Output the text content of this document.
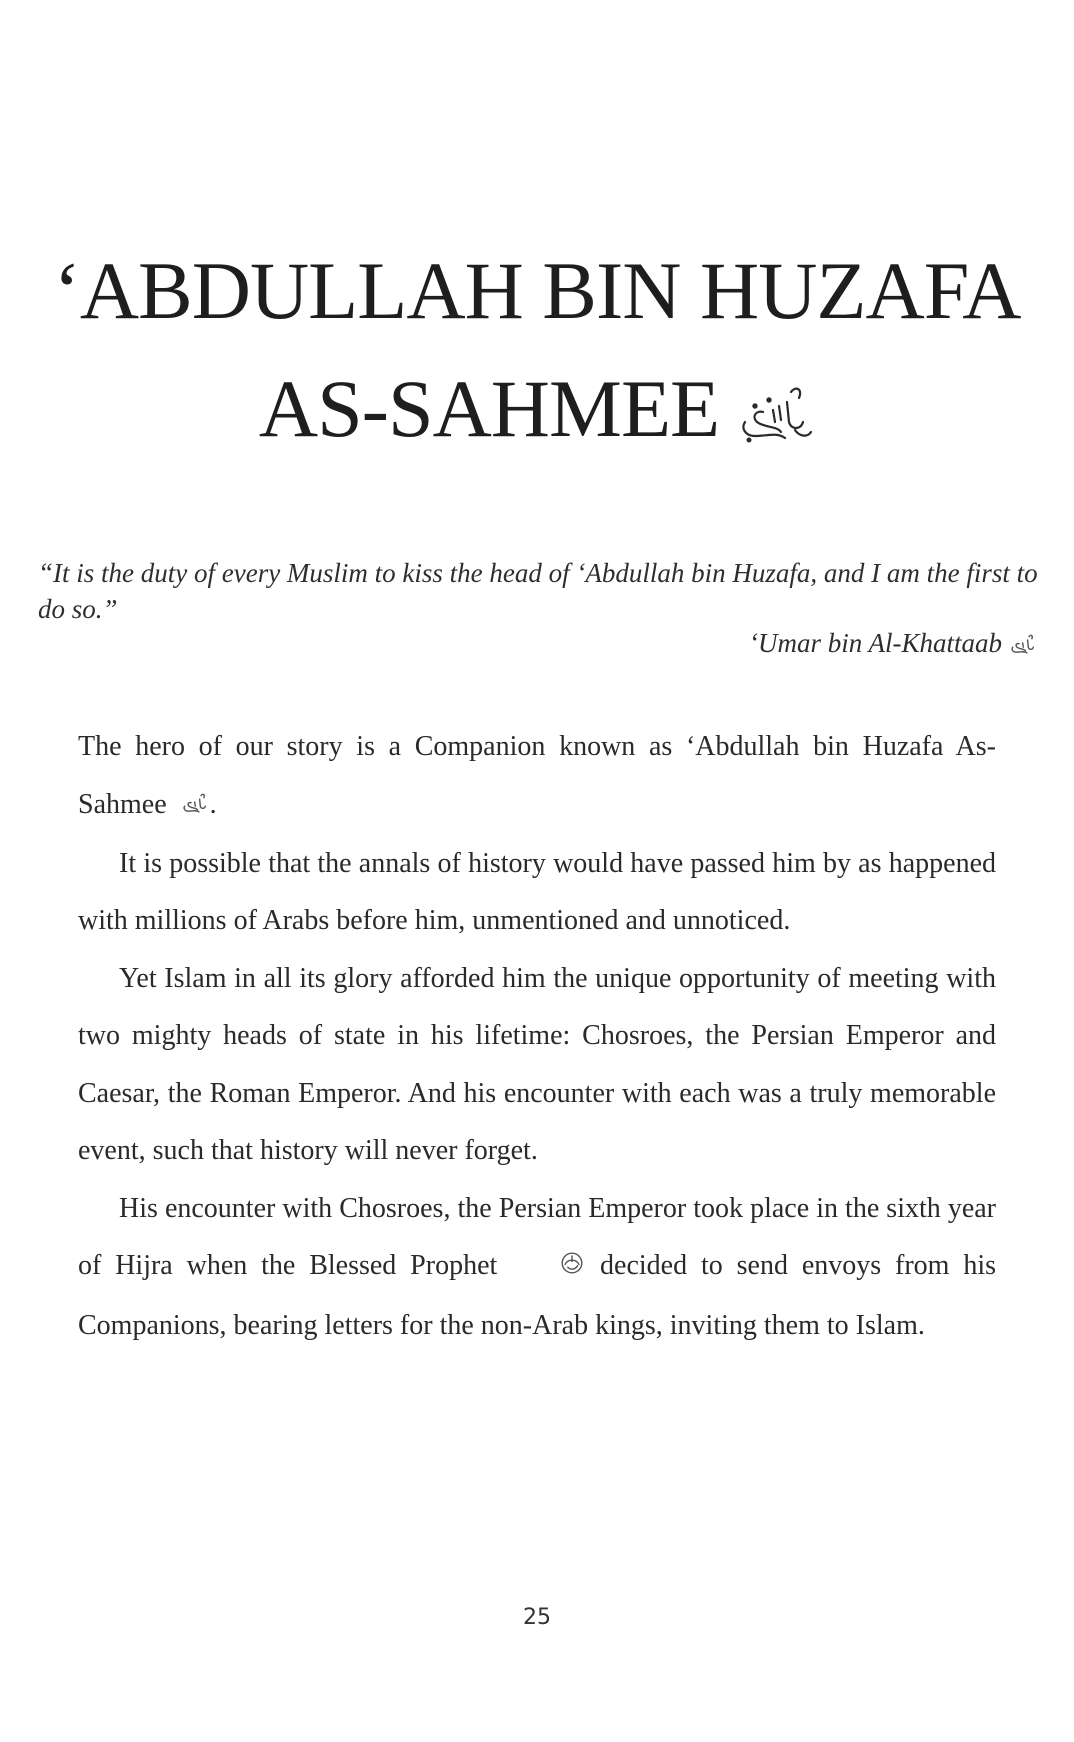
‘ABDULLAH BIN HUZAFA
AS-SAHMEE

“It is the duty of every Muslim to kiss the head of ‘Abdullah bin Huzafa, and I am the first to do so.”

‘Umar bin Al-Khattaab

The hero of our story is a Companion known as ‘Abdullah bin Huzafa As-Sahmee .

It is possible that the annals of history would have passed him by as happened with millions of Arabs before him, unmentioned and unnoticed.

Yet Islam in all its glory afforded him the unique opportunity of meeting with two mighty heads of state in his lifetime: Chosroes, the Persian Emperor and Caesar, the Roman Emperor. And his encounter with each was a truly memorable event, such that history will never forget.

His encounter with Chosroes, the Persian Emperor took place in the sixth year of Hijra when the Blessed Prophet	decided to send envoys from his Companions, bearing letters for the non-Arab kings, inviting them to Islam.

25
